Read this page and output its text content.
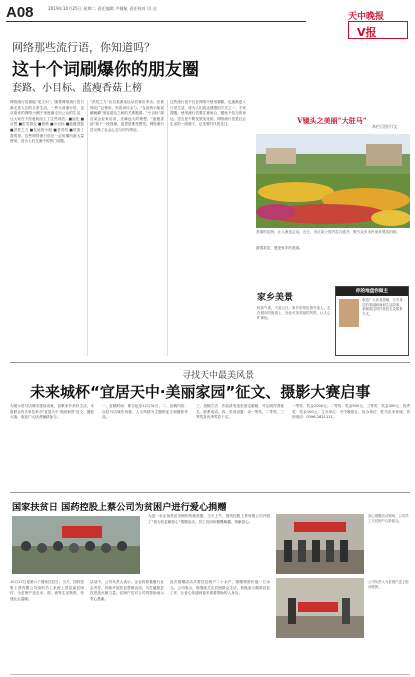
A08	2019年10月25日 星期二 责任编辑 尹健航 责任校对 闫 迟
天中晚报
V报
网络那些流行语，你知道吗？
这十个词刷爆你的朋友圈
套路、小目标、蓝瘦香菇上榜
网络流行语最能“见文识”。随着网络流行语日渐走进人们的日常生活，一些当前流行语，也从原来的网络小圈子里逐渐走向公众的生活，让大家在不经意间用上了这些词语。■逗比 ■点赞 ■吃瓜群众 ■套路 ■小目标 ■蓝瘦香菇 ■洪荒之力 ■友谊的小船 ■老司机 ■厉害了我的哥。这些网络流行语在一定时期内被大量使用，成为人们交流中的热门话题。
“洪荒之力”出自某游泳运动员赛后采访，后被网友广泛使用，形容用尽全力。“友谊的小船说翻就翻”形容朋友之间的关系脆弱。“小目标”源自某企业家访谈，比喻远大的理想。“蓝瘦香菇”源于一段视频，意思是难受想哭。网络流行语反映了社会心态与时代特征。
这些流行语不仅在网络中使用频繁，也逐渐进入日常生活，成为人们表达情感的方式之一。专家提醒，使用流行语要注意场合，避免不恰当的表达。语言是不断发展变化的，网络流行语是社会生活的一面镜子，记录着时代的变迁。	V镜头之美丽“大驻马”
本栏目图片/文
美丽的花海，让人流连忘返。近日，市区某公园内花卉盛开，吸引众多市民前来观赏拍照。
游园赏花，感受家乡的美丽。
家乡美景
秋高气爽，天蓝云白，家乡的景色格外迷人。走在城市的街道上，处处可见美丽的风景，让人心旷神怡。
你的地盘你做主
欢迎广大读者投稿，分享身边的美丽瞬间和生活故事。来稿请注明作者姓名及联系方式。
寻找天中最美风景
未来城杯“宜居天中·美丽家园”征文、摄影大赛启事
为展示驻马店城市建设成就，讴歌家乡美好生活，本报联合有关单位举办“宜居天中·美丽家园”征文、摄影大赛，欢迎广大读者踊跃参与。
一、征稿时间：即日起至12月31日。二、征稿内容：以驻马店城乡风貌、人文风情为主题的征文和摄影作品。
三、投稿方式：作品请发送至指定邮箱，并注明作者姓名、联系电话。四、奖项设置：设一等奖、二等奖、三等奖及优秀奖若干名。
一等奖：奖金1000元；二等奖：奖金500元；三等奖：奖金300元；优秀奖：奖金100元。主办单位：天中晚报社。协办单位：驻马店未来城。咨询电话：0396-2821111。
国家扶贫日 国药控股上蔡公司为贫困户进行爱心捐赠
为进一步弘扬扶贫济困的传统美德，当天上午，国药控股上蔡有限公司开展了“我为扶贫献爱心”捐赠活动，员工们纷纷慷慨解囊，奉献爱心。
10月17日是第六个国家扶贫日。当天，国药控股上蔡有限公司组织员工来到上蔡县某贫困村，为贫困户送去米、面、油等生活物资，传递社会温暖。
活动中，公司负责人表示，企业将积极履行社会责任，持续开展扶贫帮困活动，为打赢脱贫攻坚战贡献力量。贫困户们对公司的帮助表示衷心感谢。
此次捐赠活动共帮扶贫困户二十余户，捐赠物资价值一万余元。公司表示，将继续关注贫困群众生活，积极参与精准扶贫工作，让爱心传递到更多需要帮助的人身边。
爱心捐赠活动现场，公司员工与贫困户合影留念。
公司负责人为贫困户送上慰问物资。
